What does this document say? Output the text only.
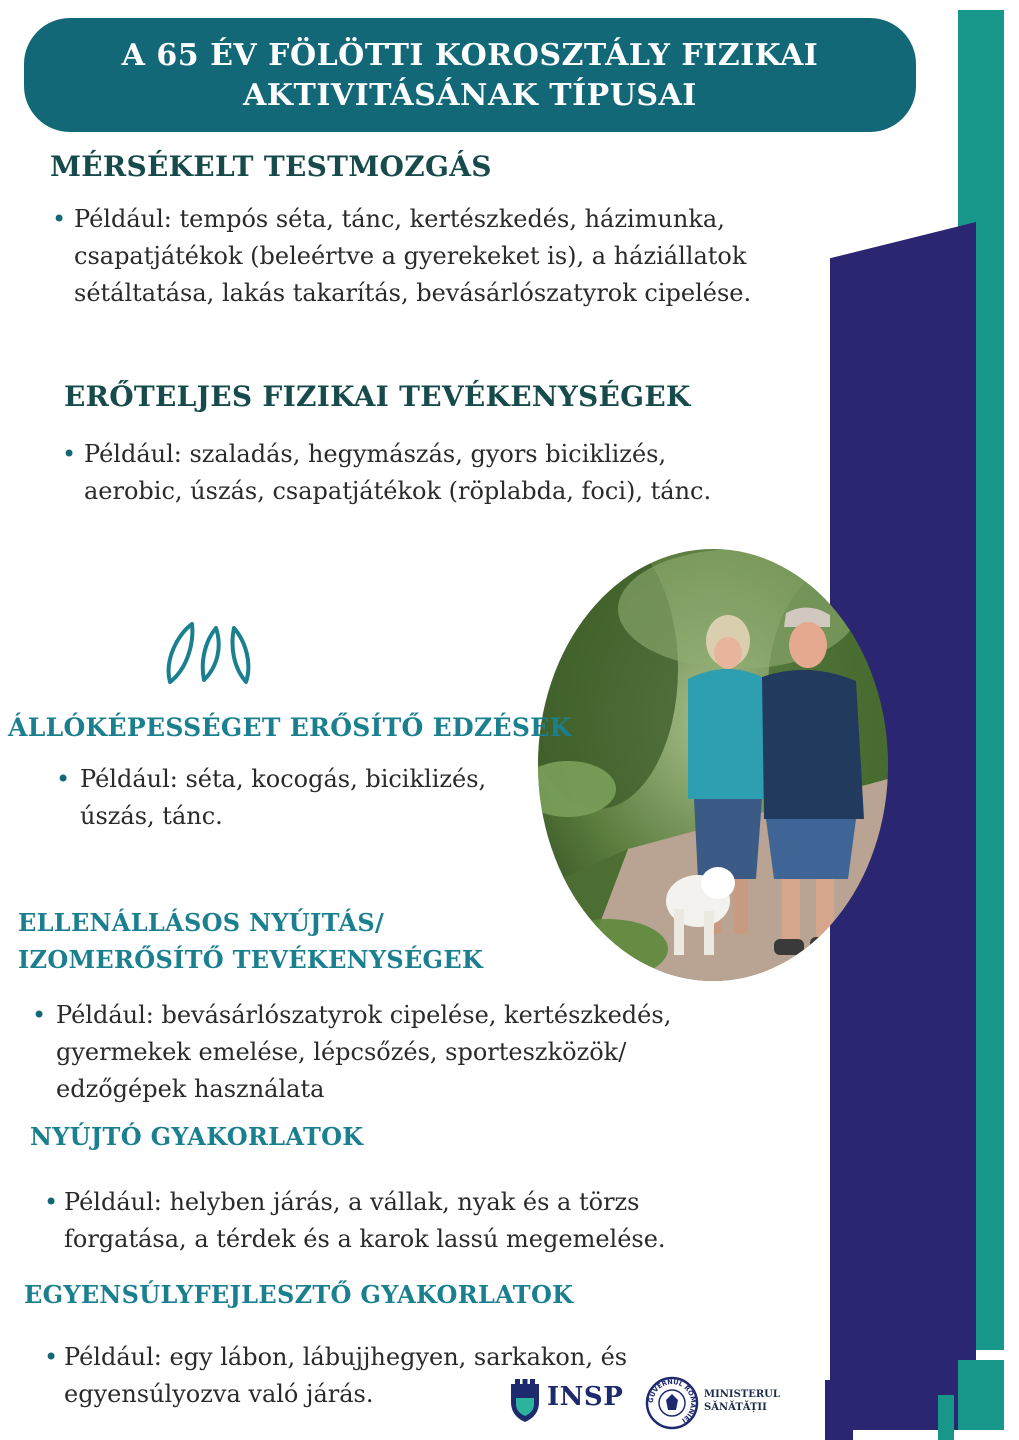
A 65 ÉV FÖLÖTTI KOROSZTÁLY FIZIKAI
AKTIVITÁSÁNAK TÍPUSAI
MÉRSÉKELT TESTMOZGÁS
• Például: tempós séta, tánc, kertészkedés, házimunka,
csapatjátékok (beleértve a gyerekeket is), a háziállatok
sétáltatása, lakás takarítás, bevásárlószatyrok cipelése.
ERŐTELJES FIZIKAI TEVÉKENYSÉGEK
• Például: szaladás, hegymászás, gyors biciklizés,
aerobic, úszás, csapatjátékok (röplabda, foci), tánc.
ÁLLÓKÉPESSÉGET ERŐSÍTŐ EDZÉSEK
• Például: séta, kocogás, biciklizés,
úszás, tánc.
ELLENÁLLÁSOS NYÚJTÁS/
IZOMERŐSÍTŐ TEVÉKENYSÉGEK
• Például: bevásárlószatyrok cipelése, kertészkedés,
gyermekek emelése, lépcsőzés, sporteszközök/
edzőgépek használata
NYÚJTÓ GYAKORLATOK
• Például: helyben járás, a vállak, nyak és a törzs
forgatása, a térdek és a karok lassú megemelése.
EGYENSÚLYFEJLESZTŐ GYAKORLATOK
• Például: egy lábon, lábujjhegyen, sarkakon, és
egyensúlyozva való járás.	INSP	GUVERNUL ROMÂNIEI
MINISTERUL
SĂNĂTĂȚII
